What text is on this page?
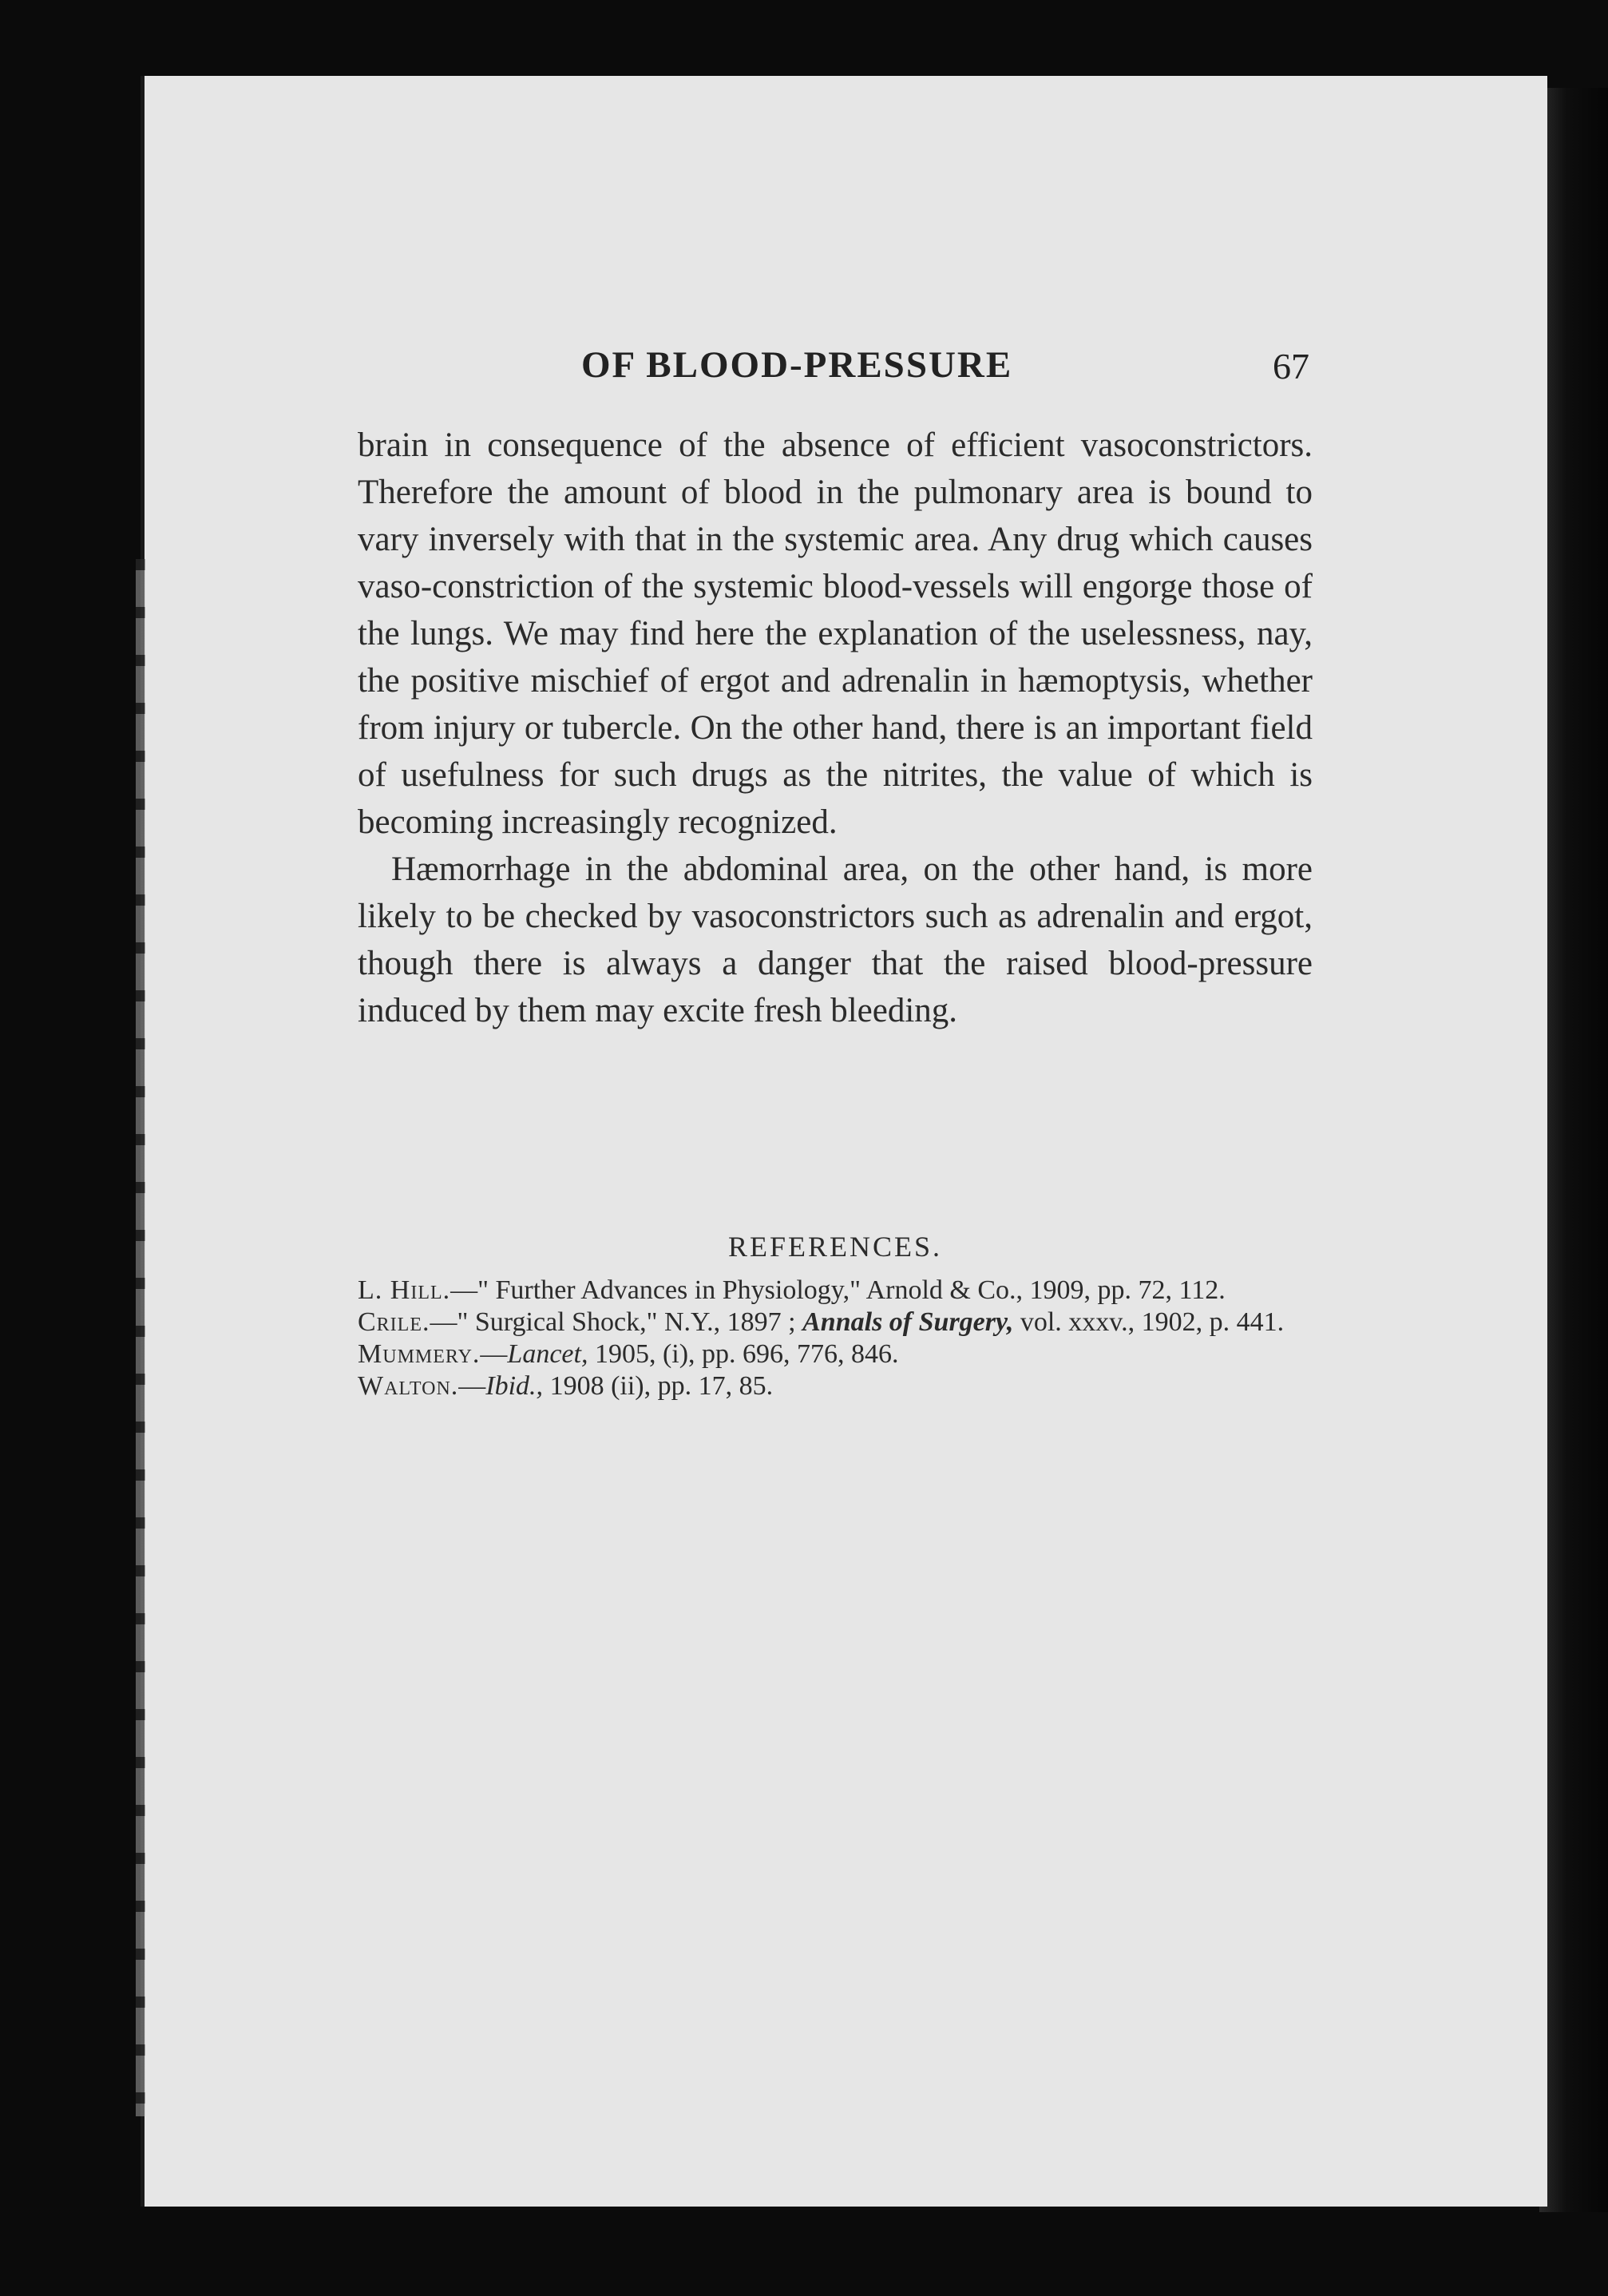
OF BLOOD-PRESSURE	67

brain in consequence of the absence of efficient vasoconstrictors. Therefore the amount of blood in the pulmonary area is bound to vary inversely with that in the systemic area. Any drug which causes vaso-constriction of the systemic blood-vessels will engorge those of the lungs. We may find here the explanation of the uselessness, nay, the positive mischief of ergot and adrenalin in hæmoptysis, whether from injury or tubercle. On the other hand, there is an important field of usefulness for such drugs as the nitrites, the value of which is becoming increasingly recognized.

Hæmorrhage in the abdominal area, on the other hand, is more likely to be checked by vasoconstrictors such as adrenalin and ergot, though there is always a danger that the raised blood-pressure induced by them may excite fresh bleeding.

REFERENCES.
L. Hill.—" Further Advances in Physiology," Arnold & Co., 1909, pp. 72, 112.
Crile.—" Surgical Shock," N.Y., 1897 ; Annals of Surgery, vol. xxxv., 1902, p. 441.
Mummery.—Lancet, 1905, (i), pp. 696, 776, 846.
Walton.—Ibid., 1908 (ii), pp. 17, 85.
